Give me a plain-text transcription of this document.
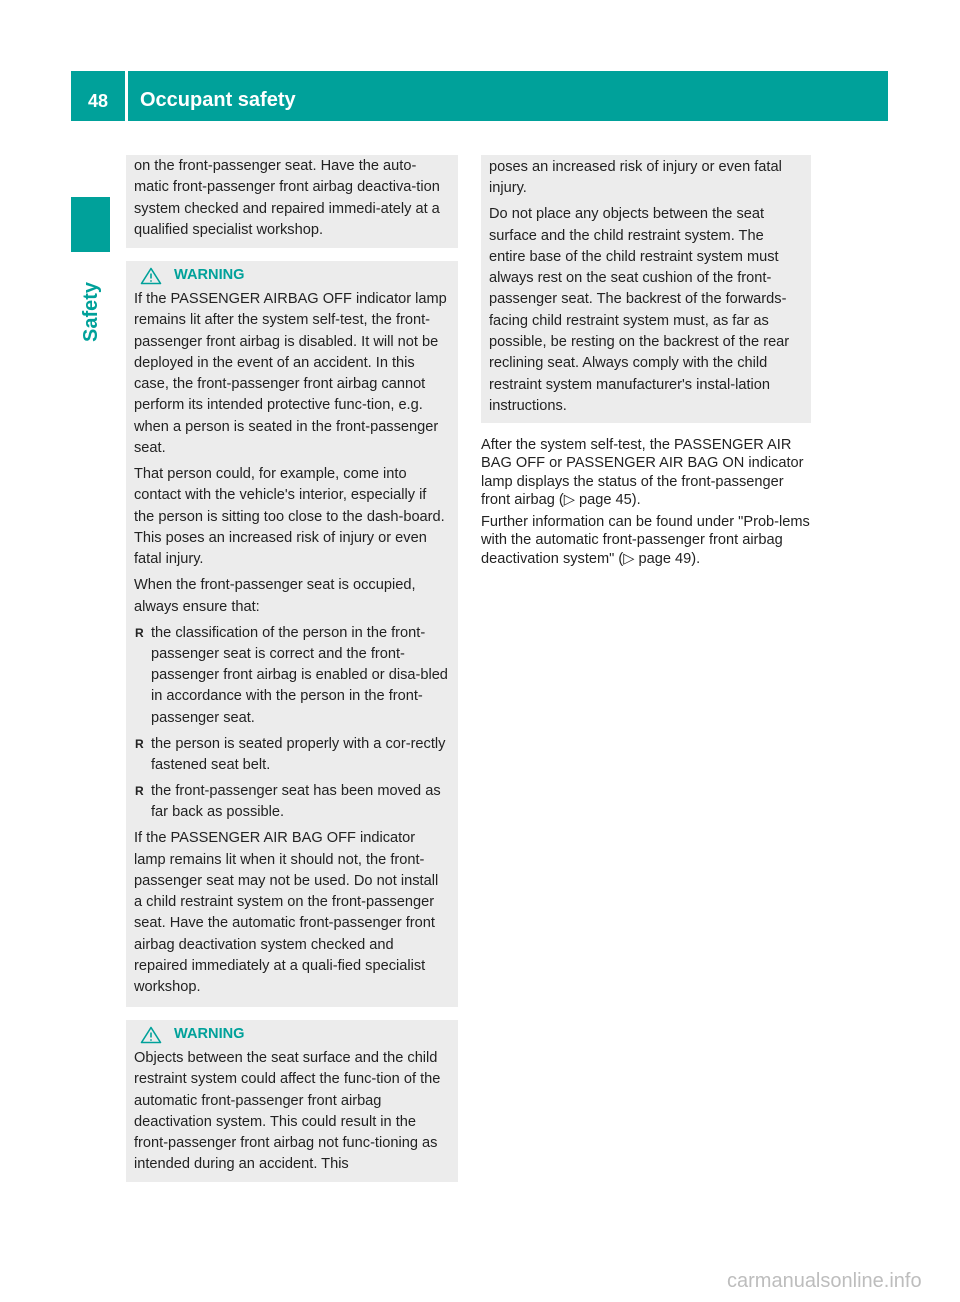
48	Occupant safety
Safety

on the front-passenger seat. Have the auto-matic front-passenger front airbag deactiva-tion system checked and repaired immedi-ately at a qualified specialist workshop.

WARNING

If the PASSENGER AIRBAG OFF indicator lamp remains lit after the system self-test, the front-passenger front airbag is disabled. It will not be deployed in the event of an accident. In this case, the front-passenger front airbag cannot perform its intended protective func-tion, e.g. when a person is seated in the front-passenger seat.

That person could, for example, come into contact with the vehicle's interior, especially if the person is sitting too close to the dash-board. This poses an increased risk of injury or even fatal injury.

When the front-passenger seat is occupied, always ensure that:

R the classification of the person in the front-passenger seat is correct and the front-passenger front airbag is enabled or disa-bled in accordance with the person in the front-passenger seat.
R the person is seated properly with a cor-rectly fastened seat belt.
R the front-passenger seat has been moved as far back as possible.

If the PASSENGER AIR BAG OFF indicator lamp remains lit when it should not, the front-passenger seat may not be used. Do not install a child restraint system on the front-passenger seat. Have the automatic front-passenger front airbag deactivation system checked and repaired immediately at a quali-fied specialist workshop.

WARNING

Objects between the seat surface and the child restraint system could affect the func-tion of the automatic front-passenger front airbag deactivation system. This could result in the front-passenger front airbag not func-tioning as intended during an accident. This

poses an increased risk of injury or even fatal injury.

Do not place any objects between the seat surface and the child restraint system. The entire base of the child restraint system must always rest on the seat cushion of the front-passenger seat. The backrest of the forwards-facing child restraint system must, as far as possible, be resting on the backrest of the rear reclining seat. Always comply with the child restraint system manufacturer's instal-lation instructions.

After the system self-test, the PASSENGER AIR BAG OFF or PASSENGER AIR BAG ON indicator lamp displays the status of the front-passenger front airbag (▷ page 45).

Further information can be found under "Prob-lems with the automatic front-passenger front airbag deactivation system" (▷ page 49).

carmanualsonline.info
